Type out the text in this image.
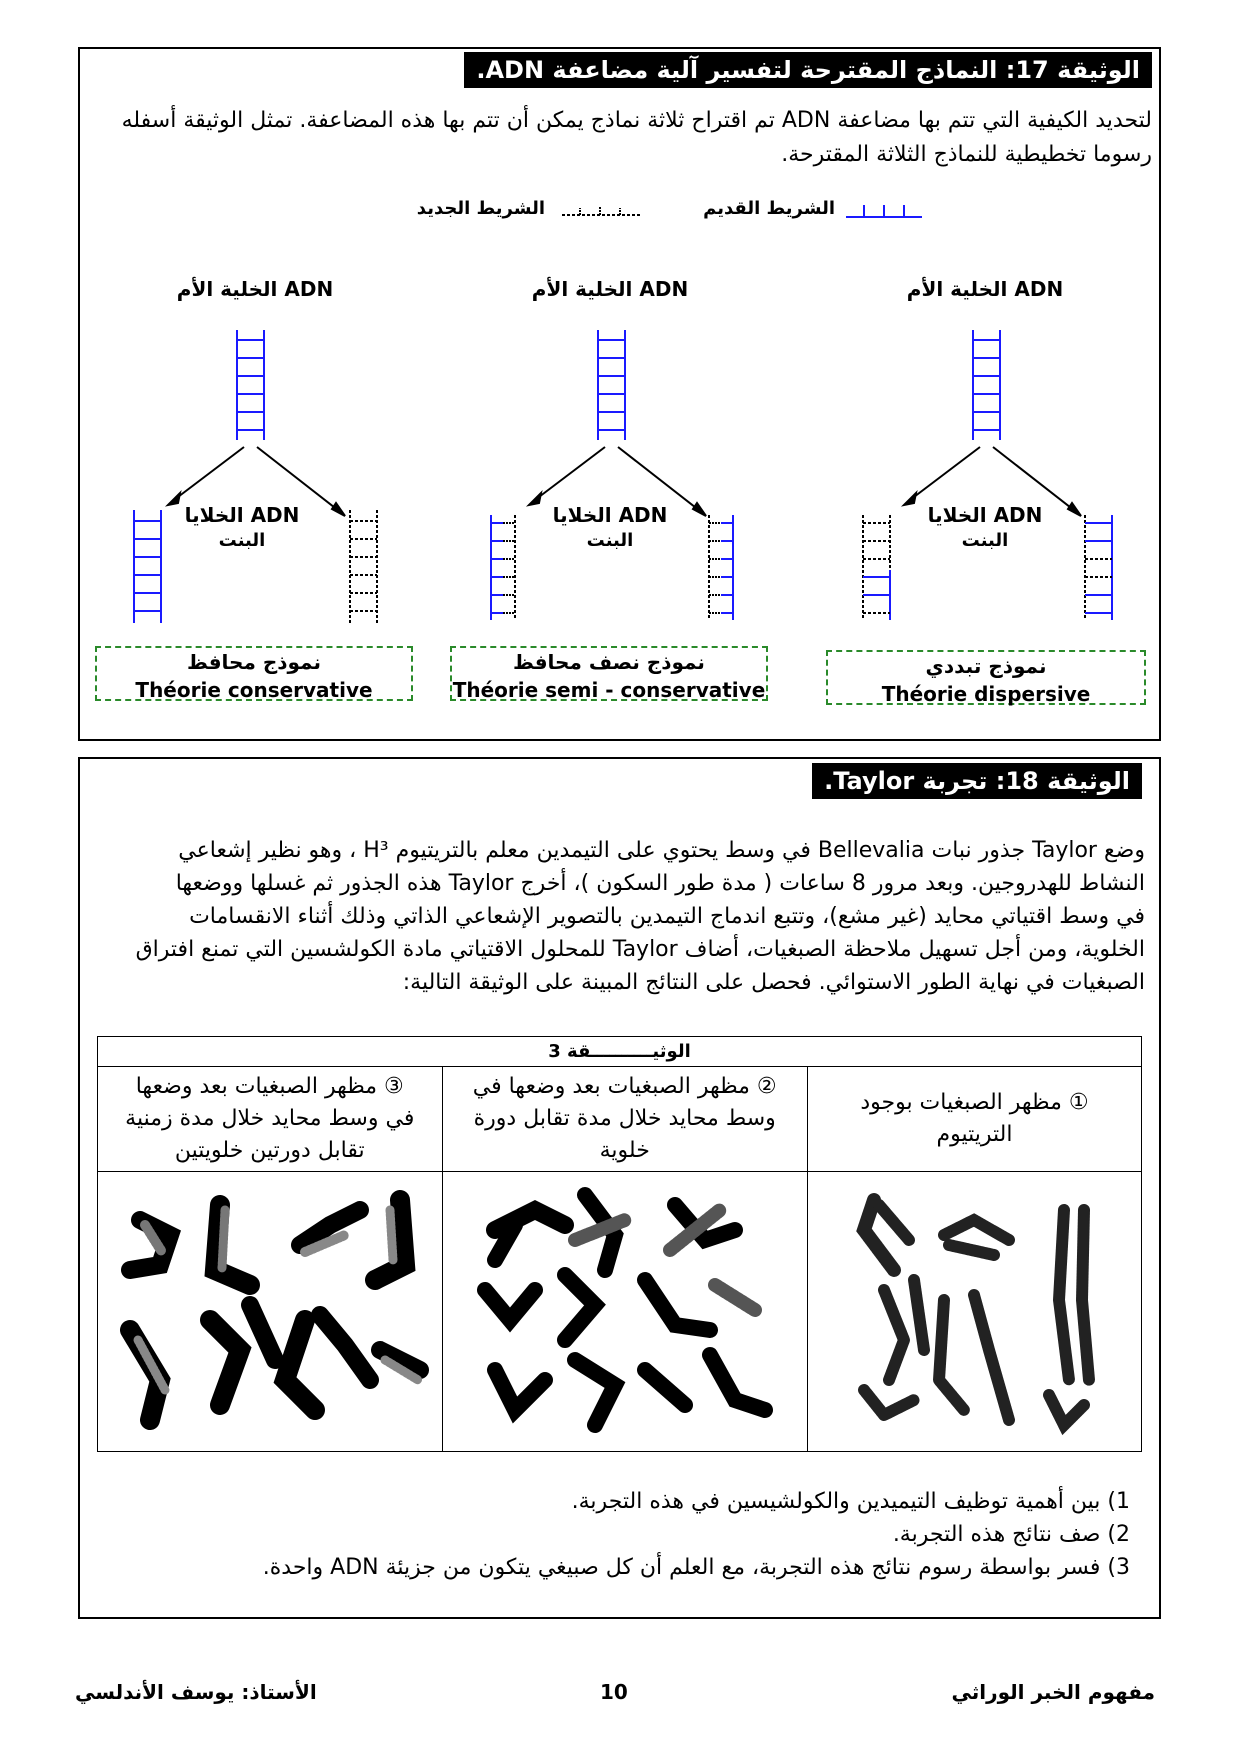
الوثيقة 17: النماذج المقترحة لتفسير آلية مضاعفة ADN.
لتحديد الكيفية التي تتم بها مضاعفة ADN تم اقتراح ثلاثة نماذج يمكن أن تتم بها هذه المضاعفة. تمثل الوثيقة أسفله
رسوما تخطيطية للنماذج الثلاثة المقترحة.
الشريط القديم
الشريط الجديد
ADN الخلية الأم
ADN الخلايا
البنت
نموذج تبددي
Théorie dispersive
ADN الخلية الأم
ADN الخلايا
البنت
نموذج نصف محافظ
Théorie semi - conservative
ADN الخلية الأم
ADN الخلايا
البنت
نموذج محافظ
Théorie conservative
الوثيقة 18: تجربة Taylor.
وضع Taylor جذور نبات Bellevalia في وسط يحتوي على التيمدين معلم بالتريتيوم H³ ، وهو نظير إشعاعي
النشاط للهدروجين. وبعد مرور 8 ساعات ( مدة طور السكون )، أخرج Taylor هذه الجذور ثم غسلها ووضعها
في وسط اقتياتي محايد (غير مشع)، وتتبع اندماج التيمدين بالتصوير الإشعاعي الذاتي وذلك أثناء الانقسامات
الخلوية، ومن أجل تسهيل ملاحظة الصبغيات، أضاف Taylor للمحلول الاقتياتي مادة الكولشسين التي تمنع افتراق
الصبغيات في نهاية الطور الاستوائي. فحصل على النتائج المبينة على الوثيقة التالية:
الوثيــــــــــقة 3		
③ مظهر الصبغيات بعد وضعها في وسط محايد خلال مدة زمنية تقابل دورتين خلويتين	② مظهر الصبغيات بعد وضعها في وسط محايد خلال مدة تقابل دورة خلوية	① مظهر الصبغيات بوجود التريتيوم

1) بين أهمية توظيف التيميدين والكولشيسين في هذه التجربة.
2) صف نتائج هذه التجربة.
3) فسر بواسطة رسوم نتائج هذه التجربة، مع العلم أن كل صبيغي يتكون من جزيئة ADN واحدة.
مفهوم الخبر الوراثي
10
الأستاذ: يوسف الأندلسي
